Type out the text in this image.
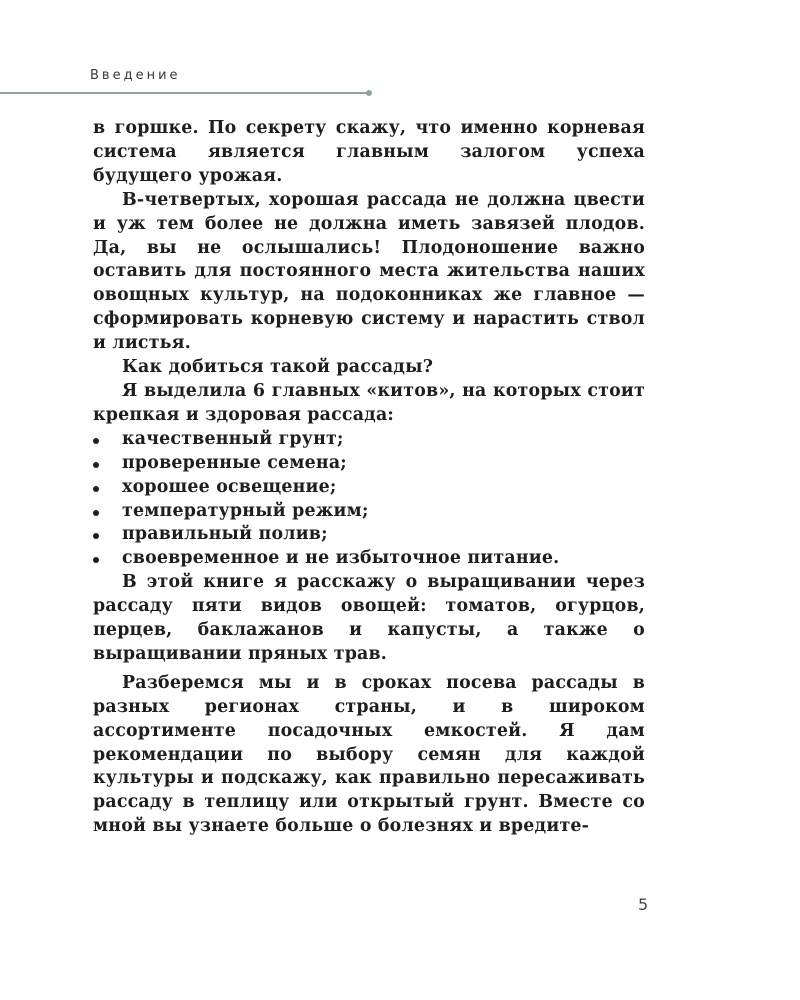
Введение

в горшке. По секрету скажу, что именно корневая система является главным залогом успеха будущего урожая.

В-четвертых, хорошая рассада не должна цвести и уж тем более не должна иметь завязей плодов. Да, вы не ослышались! Плодоношение важно оставить для постоянного места жительства наших овощных культур, на подоконниках же главное — сформировать корневую систему и нарастить ствол и листья.

Как добиться такой рассады?

Я выделила 6 главных «китов», на которых стоит крепкая и здоровая рассада:

качественный грунт;
проверенные семена;
хорошее освещение;
температурный режим;
правильный полив;
своевременное и не избыточное питание.

В этой книге я расскажу о выращивании через рассаду пяти видов овощей: томатов, огурцов, перцев, баклажанов и капусты, а также о выращивании пряных трав.

Разберемся мы и в сроках посева рассады в разных регионах страны, и в широком ассортименте посадочных емкостей. Я дам рекомендации по выбору семян для каждой культуры и подскажу, как правильно пересаживать рассаду в теплицу или открытый грунт. Вместе со мной вы узнаете больше о болезнях и вредите-

5
